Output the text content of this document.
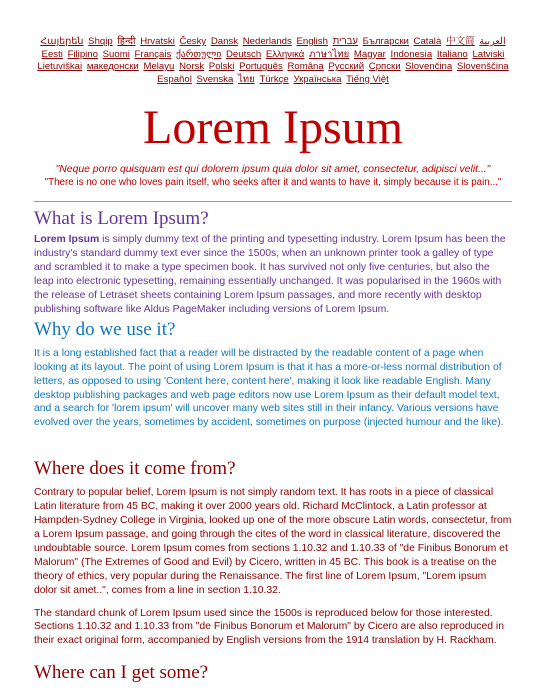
Հայերեն Shqip	‫العربية Български Català 中文简 ‫עברית हिन्दी Hrvatski Česky Dansk Nederlands English Eesti Filipino Suomi Français ქართული Deutsch Ελληνικά ภาษาไทย Magyar Indonesia Italiano Latviski Lietuviškai македонски Melayu Norsk Polski Português Româna Pyccкий Српски Slovenčina Slovenščina Español Svenska ไทย Türkçe Українська Tiếng Việt
Lorem Ipsum
"Neque porro quisquam est qui dolorem ipsum quia dolor sit amet, consectetur, adipisci velit..."
"There is no one who loves pain itself, who seeks after it and wants to have it, simply because it is pain..."
What is Lorem Ipsum?

Lorem Ipsum is simply dummy text of the printing and typesetting industry. Lorem Ipsum has been the industry's standard dummy text ever since the 1500s, when an unknown printer took a galley of type and scrambled it to make a type specimen book. It has survived not only five centuries, but also the leap into electronic typesetting, remaining essentially unchanged. It was popularised in the 1960s with the release of Letraset sheets containing Lorem Ipsum passages, and more recently with desktop publishing software like Aldus PageMaker including versions of Lorem Ipsum.

Why do we use it?

It is a long established fact that a reader will be distracted by the readable content of a page when looking at its layout. The point of using Lorem Ipsum is that it has a more-or-less normal distribution of letters, as opposed to using 'Content here, content here', making it look like readable English. Many desktop publishing packages and web page editors now use Lorem Ipsum as their default model text, and a search for 'lorem ipsum' will uncover many web sites still in their infancy. Various versions have evolved over the years, sometimes by accident, sometimes on purpose (injected humour and the like).

Where does it come from?

Contrary to popular belief, Lorem Ipsum is not simply random text. It has roots in a piece of classical Latin literature from 45 BC, making it over 2000 years old. Richard McClintock, a Latin professor at Hampden-Sydney College in Virginia, looked up one of the more obscure Latin words, consectetur, from a Lorem Ipsum passage, and going through the cites of the word in classical literature, discovered the undoubtable source. Lorem Ipsum comes from sections 1.10.32 and 1.10.33 of "de Finibus Bonorum et Malorum" (The Extremes of Good and Evil) by Cicero, written in 45 BC. This book is a treatise on the theory of ethics, very popular during the Renaissance. The first line of Lorem Ipsum, "Lorem ipsum dolor sit amet..", comes from a line in section 1.10.32.

The standard chunk of Lorem Ipsum used since the 1500s is reproduced below for those interested. Sections 1.10.32 and 1.10.33 from "de Finibus Bonorum et Malorum" by Cicero are also reproduced in their exact original form, accompanied by English versions from the 1914 translation by H. Rackham.

Where can I get some?
